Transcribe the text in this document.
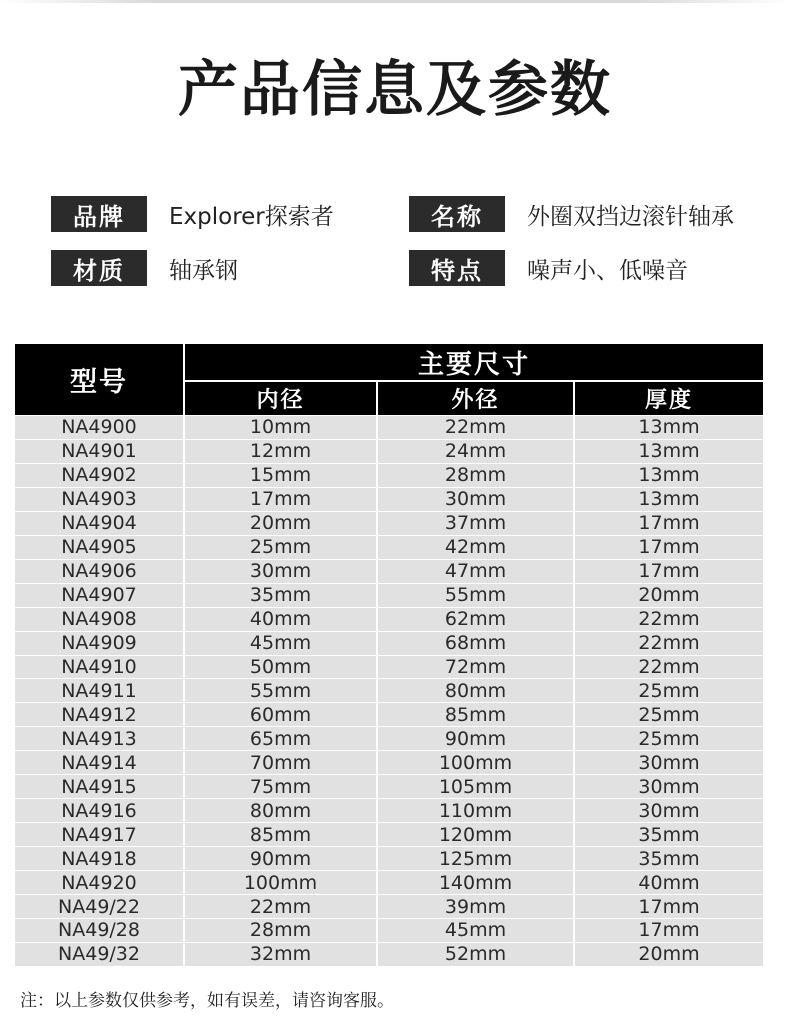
产品信息及参数
品牌	Explorer探索者	名称	外圈双挡边滚针轴承
材质	轴承钢	特点	噪声小、低噪音
型号
主要尺寸
内径	外径	厚度
NA4900	10mm	22mm	13mm
NA4901	12mm	24mm	13mm
NA4902	15mm	28mm	13mm
NA4903	17mm	30mm	13mm
NA4904	20mm	37mm	17mm
NA4905	25mm	42mm	17mm
NA4906	30mm	47mm	17mm
NA4907	35mm	55mm	20mm
NA4908	40mm	62mm	22mm
NA4909	45mm	68mm	22mm
NA4910	50mm	72mm	22mm
NA4911	55mm	80mm	25mm
NA4912	60mm	85mm	25mm
NA4913	65mm	90mm	25mm
NA4914	70mm	100mm	30mm
NA4915	75mm	105mm	30mm
NA4916	80mm	110mm	30mm
NA4917	85mm	120mm	35mm
NA4918	90mm	125mm	35mm
NA4920	100mm	140mm	40mm
NA49/22	22mm	39mm	17mm
NA49/28	28mm	45mm	17mm
NA49/32	32mm	52mm	20mm
注：以上参数仅供参考，如有误差，请咨询客服。
